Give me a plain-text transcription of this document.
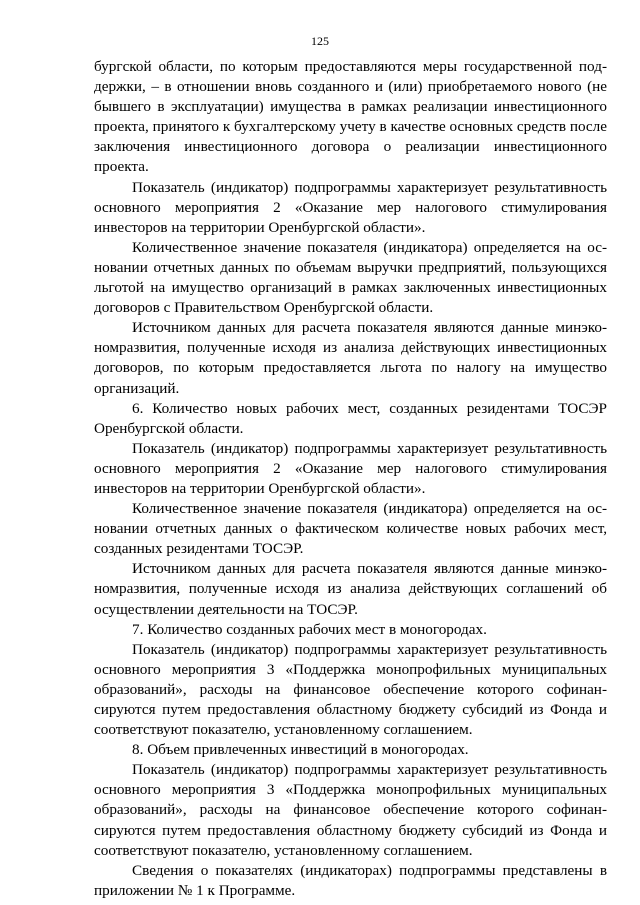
125

бургской области, по которым предоставляются меры государственной поддержки, – в отношении вновь созданного и (или) приобретаемого нового (не бывшего в эксплуатации) имущества в рамках реализации инвестиционного проекта, принятого к бухгалтерскому учету в качестве основных средств после заключения инвестиционного договора о реализации инвестиционного проекта.

Показатель (индикатор) подпрограммы характеризует результативность основного мероприятия 2 «Оказание мер налогового стимулирования инвесторов на территории Оренбургской области».

Количественное значение показателя (индикатора) определяется на основании отчетных данных по объемам выручки предприятий, пользующихся льготой на имущество организаций в рамках заключенных инвестиционных договоров с Правительством Оренбургской области.

Источником данных для расчета показателя являются данные минэкономразвития, полученные исходя из анализа действующих инвестиционных договоров, по которым предоставляется льгота по налогу на имущество организаций.

6. Количество новых рабочих мест, созданных резидентами ТОСЭР Оренбургской области.

Показатель (индикатор) подпрограммы характеризует результативность основного мероприятия 2 «Оказание мер налогового стимулирования инвесторов на территории Оренбургской области».

Количественное значение показателя (индикатора) определяется на основании отчетных данных о фактическом количестве новых рабочих мест, созданных резидентами ТОСЭР.

Источником данных для расчета показателя являются данные минэкономразвития, полученные исходя из анализа действующих соглашений об осуществлении деятельности на ТОСЭР.

7. Количество созданных рабочих мест в моногородах.

Показатель (индикатор) подпрограммы характеризует результативность основного мероприятия 3 «Поддержка монопрофильных муниципальных образований», расходы на финансовое обеспечение которого софинансируются путем предоставления областному бюджету субсидий из Фонда и соответствуют показателю, установленному соглашением.

8. Объем привлеченных инвестиций в моногородах.

Показатель (индикатор) подпрограммы характеризует результативность основного мероприятия 3 «Поддержка монопрофильных муниципальных образований», расходы на финансовое обеспечение которого софинансируются путем предоставления областному бюджету субсидий из Фонда и соответствуют показателю, установленному соглашением.

Сведения о показателях (индикаторах) подпрограммы представлены в приложении № 1 к Программе.
